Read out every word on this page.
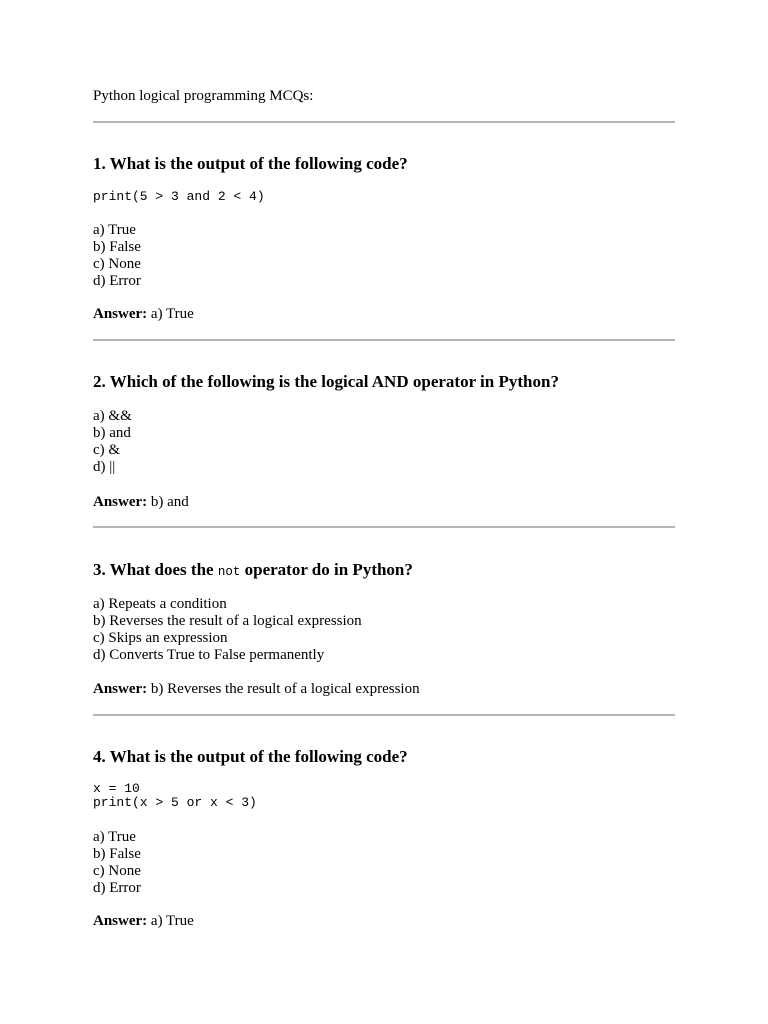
Python logical programming MCQs:

1. What is the output of the following code?
print(5 > 3 and 2 < 4)
a) True
b) False
c) None
d) Error

Answer: a) True

2. Which of the following is the logical AND operator in Python?
a) &&
b) and
c) &
d) ||

Answer: b) and

3. What does the not operator do in Python?
a) Repeats a condition
b) Reverses the result of a logical expression
c) Skips an expression
d) Converts True to False permanently

Answer: b) Reverses the result of a logical expression

4. What is the output of the following code?
x = 10
print(x > 5 or x < 3)
a) True
b) False
c) None
d) Error

Answer: a) True
